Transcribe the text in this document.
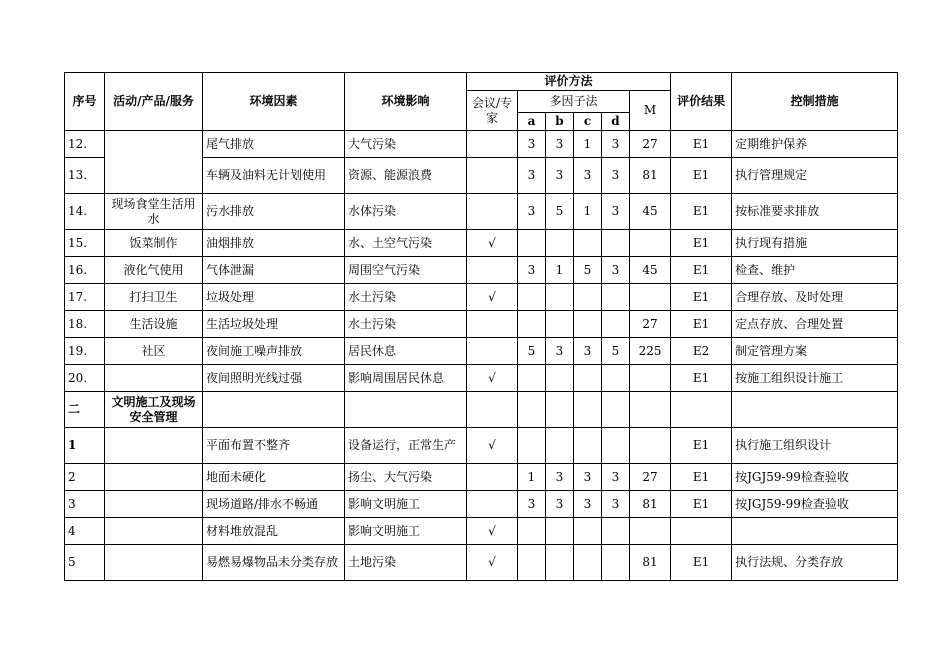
序号	活动/产品/服务	环境因素	环境影响	评价方法						评价结果	控制措施
				会议/专家	多因子法				M		
					a	b	c	d			
12.		尾气排放	大气污染		3	3	1	3	27	E1	定期维护保养
13.		车辆及油料无计划使用	资源、能源浪费		3	3	3	3	81	E1	执行管理规定
14.	现场食堂生活用水	污水排放	水体污染		3	5	1	3	45	E1	按标准要求排放
15.	饭菜制作	油烟排放	水、土空气污染	√						E1	执行现有措施
16.	液化气使用	气体泄漏	周围空气污染		3	1	5	3	45	E1	检查、维护
17.	打扫卫生	垃圾处理	水土污染	√						E1	合理存放、及时处理
18.	生活设施	生活垃圾处理	水土污染						27	E1	定点存放、合理处置
19.	社区	夜间施工噪声排放	居民休息		5	3	3	5	225	E2	制定管理方案
20.		夜间照明光线过强	影响周围居民休息	√						E1	按施工组织设计施工
二	文明施工及现场安全管理										
1		平面布置不整齐	设备运行，正常生产	√						E1	执行施工组织设计
2		地面未硬化	扬尘、大气污染		1	3	3	3	27	E1	按JGJ59-99检查验收
3		现场道路/排水不畅通	影响文明施工		3	3	3	3	81	E1	按JGJ59-99检查验收
4		材料堆放混乱	影响文明施工	√							
5		易燃易爆物品未分类存放	土地污染	√					81	E1	执行法规、分类存放
